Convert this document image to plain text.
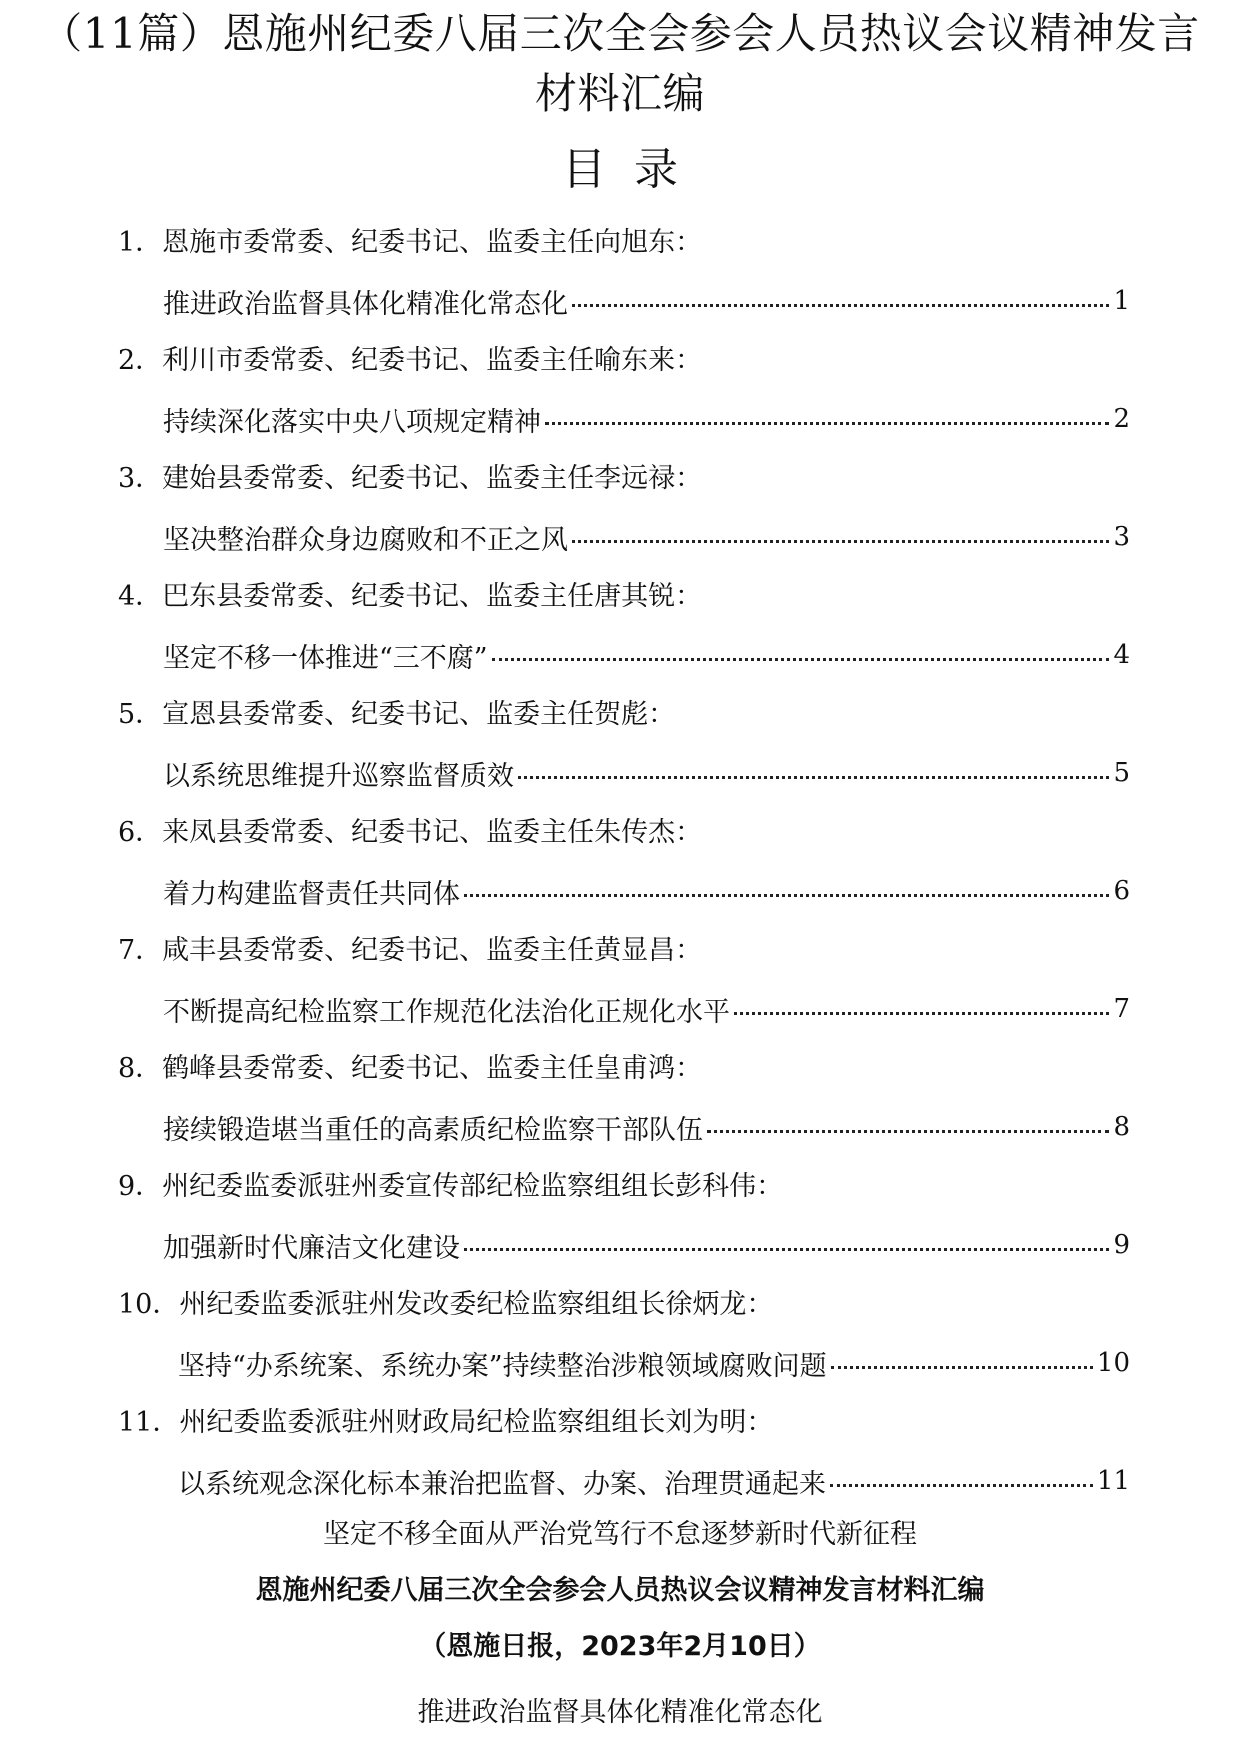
（11篇）恩施州纪委八届三次全会参会人员热议会议精神发言材料汇编
目录
1．恩施市委常委、纪委书记、监委主任向旭东：
推进政治监督具体化精准化常态化	1
2．利川市委常委、纪委书记、监委主任喻东来：
持续深化落实中央八项规定精神	2
3．建始县委常委、纪委书记、监委主任李远禄：
坚决整治群众身边腐败和不正之风	3
4．巴东县委常委、纪委书记、监委主任唐其锐：
坚定不移一体推进“三不腐”	4
5．宣恩县委常委、纪委书记、监委主任贺彪：
以系统思维提升巡察监督质效	5
6．来凤县委常委、纪委书记、监委主任朱传杰：
着力构建监督责任共同体	6
7．咸丰县委常委、纪委书记、监委主任黄显昌：
不断提高纪检监察工作规范化法治化正规化水平	7
8．鹤峰县委常委、纪委书记、监委主任皇甫鸿：
接续锻造堪当重任的高素质纪检监察干部队伍	8
9．州纪委监委派驻州委宣传部纪检监察组组长彭科伟：
加强新时代廉洁文化建设	9
10．州纪委监委派驻州发改委纪检监察组组长徐炳龙：
坚持“办系统案、系统办案”持续整治涉粮领域腐败问题	10
11．州纪委监委派驻州财政局纪检监察组组长刘为明：
以系统观念深化标本兼治把监督、办案、治理贯通起来	11
坚定不移全面从严治党笃行不怠逐梦新时代新征程
恩施州纪委八届三次全会参会人员热议会议精神发言材料汇编
（恩施日报，2023年2月10日）
推进政治监督具体化精准化常态化
